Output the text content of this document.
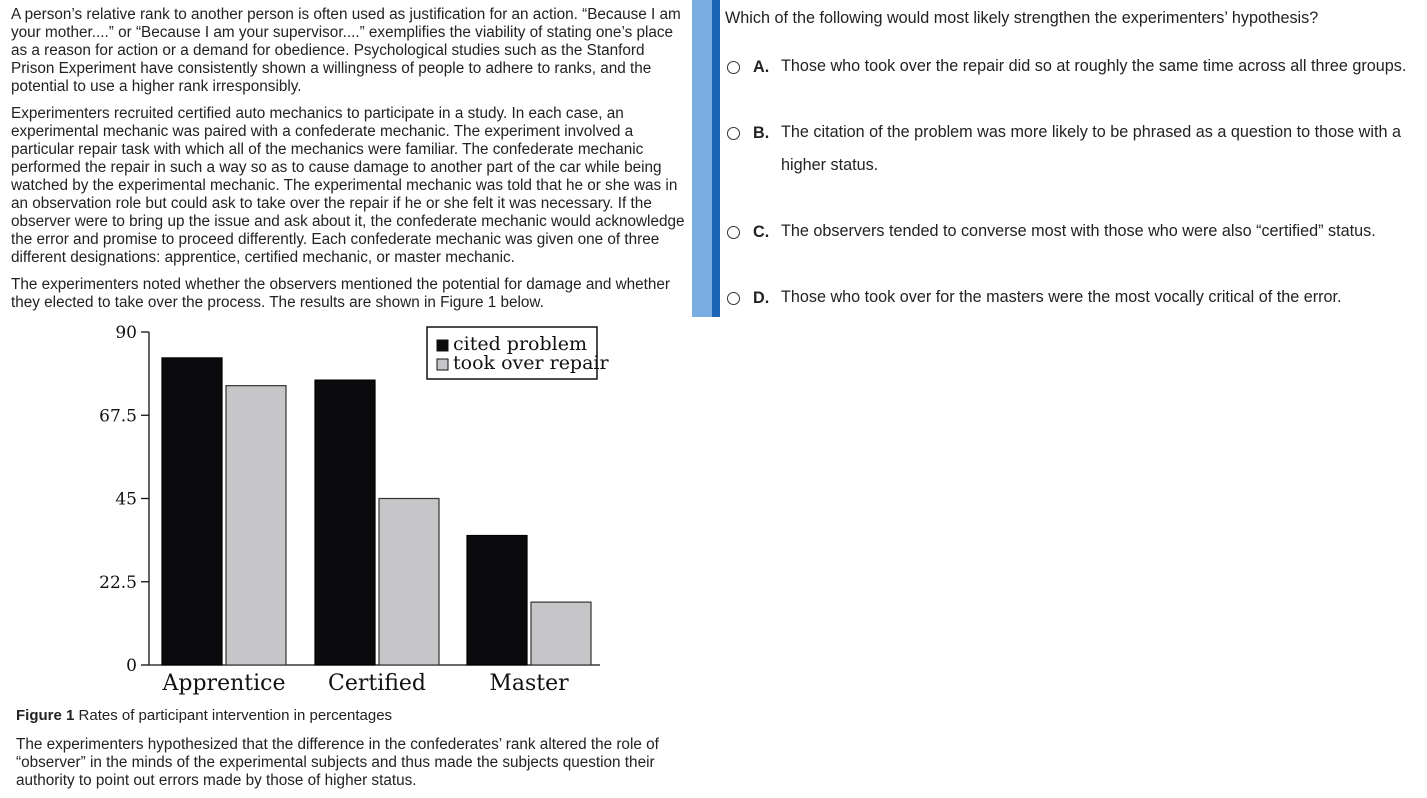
A person’s relative rank to another person is often used as justification for an action. “Because I am your mother....” or “Because I am your supervisor....” exemplifies the viability of stating one’s place as a reason for action or a demand for obedience. Psychological studies such as the Stanford Prison Experiment have consistently shown a willingness of people to adhere to ranks, and the potential to use a higher rank irresponsibly.

Experimenters recruited certified auto mechanics to participate in a study. In each case, an experimental mechanic was paired with a confederate mechanic. The experiment involved a particular repair task with which all of the mechanics were familiar. The confederate mechanic performed the repair in such a way so as to cause damage to another part of the car while being watched by the experimental mechanic. The experimental mechanic was told that he or she was in an observation role but could ask to take over the repair if he or she felt it was necessary. If the observer were to bring up the issue and ask about it, the confederate mechanic would acknowledge the error and promise to proceed differently. Each confederate mechanic was given one of three different designations: apprentice, certified mechanic, or master mechanic.

The experimenters noted whether the observers mentioned the potential for damage and whether they elected to take over the process. The results are shown in Figure 1 below.

0
22.5
45
67.5
90
Apprentice Certified	Master
cited problem
took over repair
Figure 1 Rates of participant intervention in percentages
The experimenters hypothesized that the difference in the confederates’ rank altered the role of “observer” in the minds of the experimental subjects and thus made the subjects question their authority to point out errors made by those of higher status.
Which of the following would most likely strengthen the experimenters’ hypothesis?
A. Those who took over the repair did so at roughly the same time across all three groups.
B. The citation of the problem was more likely to be phrased as a question to those with a higher status.
C. The observers tended to converse most with those who were also “certified” status.
D. Those who took over for the masters were the most vocally critical of the error.
